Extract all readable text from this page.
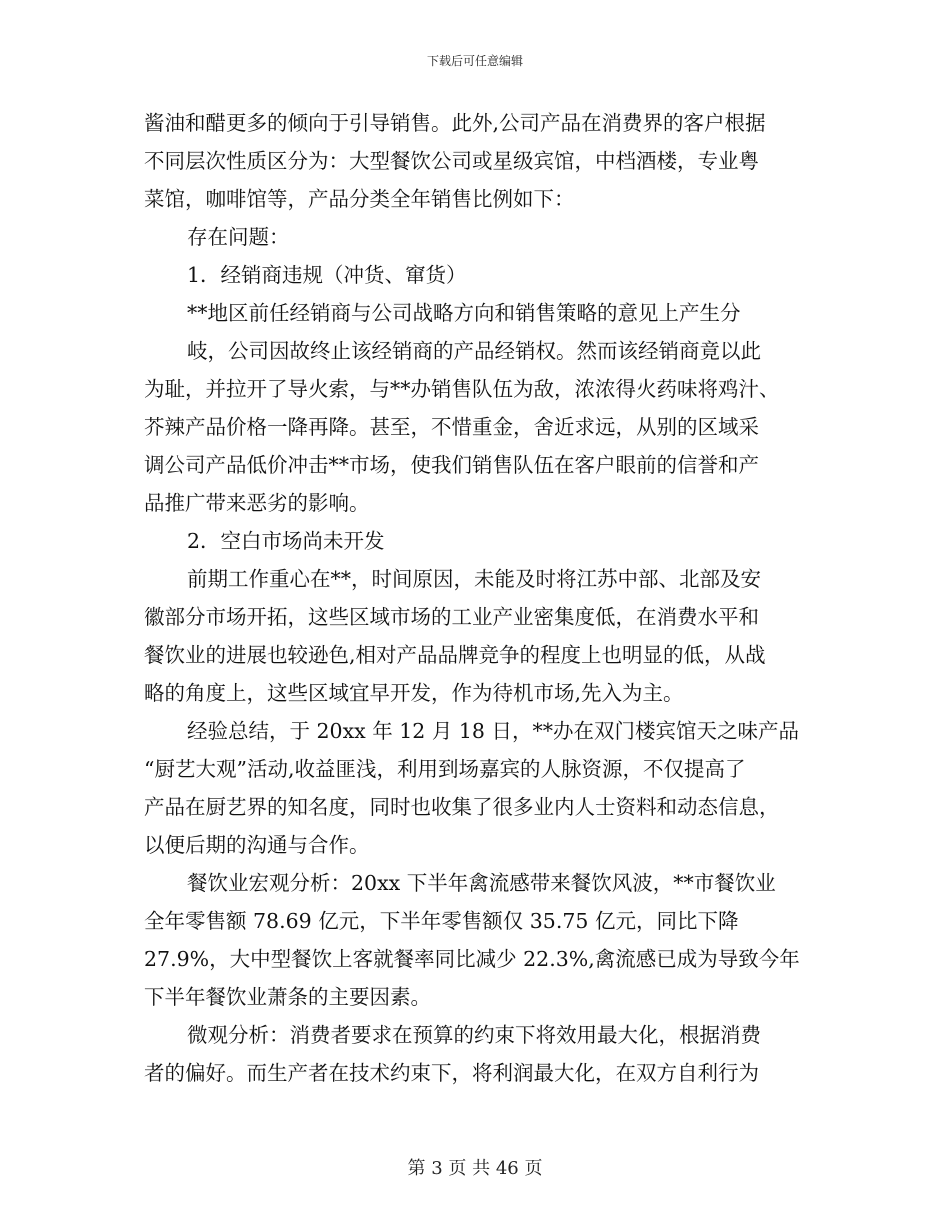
下载后可任意编辑
酱油和醋更多的倾向于引导销售。此外,公司产品在消费界的客户根据
不同层次性质区分为：大型餐饮公司或星级宾馆，中档酒楼，专业粤
菜馆，咖啡馆等，产品分类全年销售比例如下：
存在问题：
1．经销商违规（冲货、窜货）
**地区前任经销商与公司战略方向和销售策略的意见上产生分
岐，公司因故终止该经销商的产品经销权。然而该经销商竟以此
为耻，并拉开了导火索，与**办销售队伍为敌，浓浓得火药味将鸡汁、
芥辣产品价格一降再降。甚至，不惜重金，舍近求远，从别的区域采
调公司产品低价冲击**市场，使我们销售队伍在客户眼前的信誉和产
品推广带来恶劣的影响。
2．空白市场尚未开发
前期工作重心在**，时间原因，未能及时将江苏中部、北部及安
徽部分市场开拓，这些区域市场的工业产业密集度低，在消费水平和
餐饮业的进展也较逊色,相对产品品牌竞争的程度上也明显的低，从战
略的角度上，这些区域宜早开发，作为待机市场,先入为主。
经验总结，于 20xx 年 12 月 18 日，**办在双门楼宾馆天之味产品
“厨艺大观”活动,收益匪浅，利用到场嘉宾的人脉资源，不仅提高了
产品在厨艺界的知名度，同时也收集了很多业内人士资料和动态信息，
以便后期的沟通与合作。
餐饮业宏观分析：20xx 下半年禽流感带来餐饮风波，**市餐饮业
全年零售额 78.69 亿元，下半年零售额仅 35.75 亿元，同比下降
27.9%，大中型餐饮上客就餐率同比减少 22.3%,禽流感已成为导致今年
下半年餐饮业萧条的主要因素。
微观分析：消费者要求在预算的约束下将效用最大化，根据消费
者的偏好。而生产者在技术约束下，将利润最大化，在双方自利行为
第 3 页 共 46 页
